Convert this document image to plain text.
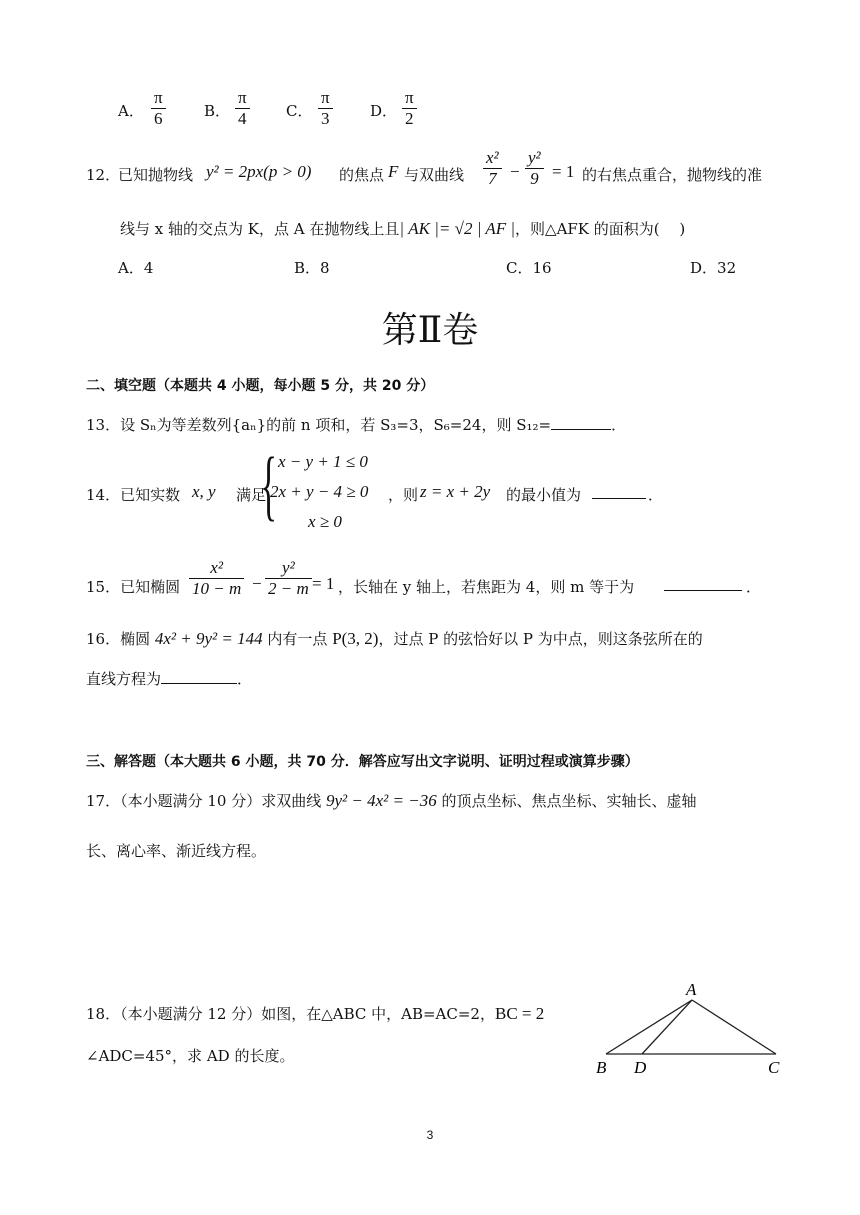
A． $\frac{\pi}{6}$	B． $\frac{\pi}{4}$ C． $\frac{\pi}{3}$ D． $\frac{\pi}{2}$
12．
已知抛物线 y² = 2px(p > 0) 的焦点 F 与双曲线 $\frac{\text{x²}}{7} - \frac{\text{y²}}{9} = 1$ 的右焦点重合，抛物线的准
线与 x 轴的交点为 K，点 A 在抛物线上且| AK |= √2 | AF |，则△AFK 的面积为(　 )
A．4	B．8	C．16	D．32
第Ⅱ卷
二、填空题（本题共 4 小题，每小题 5 分，共 20 分）
13．设 Sₙ为等差数列{aₙ}的前 n 项和，若 S₃=3，S₆=24，则 S₁₂=	．
14．已知实数 x, y 满足
{ x − y + 1 ≤ 0
2x + y − 4 ≥ 0
x ≥ 0
，则 z = x + 2y 的最小值为	．
15．已知椭圆 $\frac{\text{x²}}{10 - m} - \frac{\text{y²}}{2 - m} = 1$ ，长轴在 y 轴上，若焦距为 4，则 m 等于为	．
16．椭圆 4x² + 9y² = 144 内有一点 P(3, 2)，过点 P 的弦恰好以 P 为中点，则这条弦所在的
直线方程为	．
三、解答题（本大题共 6 小题，共 70 分．解答应写出文字说明、证明过程或演算步骤）
17．（本小题满分 10 分）求双曲线 9y² − 4x² = −36 的顶点坐标、焦点坐标、实轴长、虚轴
长、离心率、渐近线方程。
18．（本小题满分 12 分）如图，在△ABC 中，AB=AC=2，BC = 2
∠ADC=45°，求 AD 的长度。
A
B D	C
3
